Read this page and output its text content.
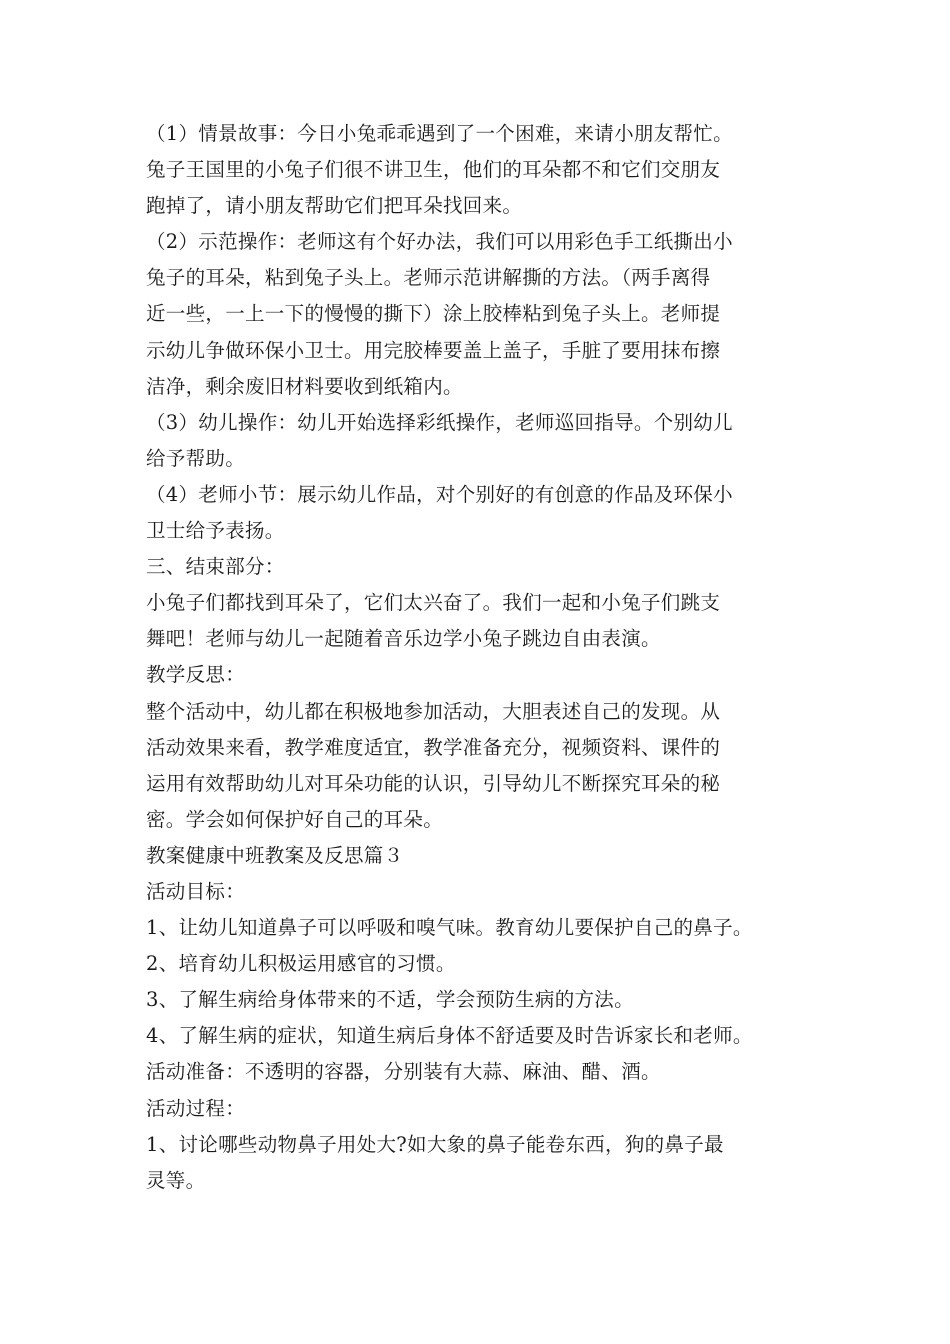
（1）情景故事：今日小兔乖乖遇到了一个困难，来请小朋友帮忙。

兔子王国里的小兔子们很不讲卫生，他们的耳朵都不和它们交朋友

跑掉了，请小朋友帮助它们把耳朵找回来。

（2）示范操作：老师这有个好办法，我们可以用彩色手工纸撕出小

兔子的耳朵，粘到兔子头上。老师示范讲解撕的方法。（两手离得

近一些，一上一下的慢慢的撕下）涂上胶棒粘到兔子头上。老师提

示幼儿争做环保小卫士。用完胶棒要盖上盖子，手脏了要用抹布擦

洁净，剩余废旧材料要收到纸箱内。

（3）幼儿操作：幼儿开始选择彩纸操作，老师巡回指导。个别幼儿

给予帮助。

（4）老师小节：展示幼儿作品，对个别好的有创意的作品及环保小

卫士给予表扬。

三、结束部分：

小兔子们都找到耳朵了，它们太兴奋了。我们一起和小兔子们跳支

舞吧！老师与幼儿一起随着音乐边学小兔子跳边自由表演。

教学反思：

整个活动中，幼儿都在积极地参加活动，大胆表述自己的发现。从

活动效果来看，教学难度适宜，教学准备充分，视频资料、课件的

运用有效帮助幼儿对耳朵功能的认识，引导幼儿不断探究耳朵的秘

密。学会如何保护好自己的耳朵。

教案健康中班教案及反思篇３

活动目标：

1、让幼儿知道鼻子可以呼吸和嗅气味。教育幼儿要保护自己的鼻子。

2、培育幼儿积极运用感官的习惯。

3、了解生病给身体带来的不适，学会预防生病的方法。

4、了解生病的症状，知道生病后身体不舒适要及时告诉家长和老师。

活动准备：不透明的容器，分别装有大蒜、麻油、醋、酒。

活动过程：

1、讨论哪些动物鼻子用处大?如大象的鼻子能卷东西，狗的鼻子最

灵等。
